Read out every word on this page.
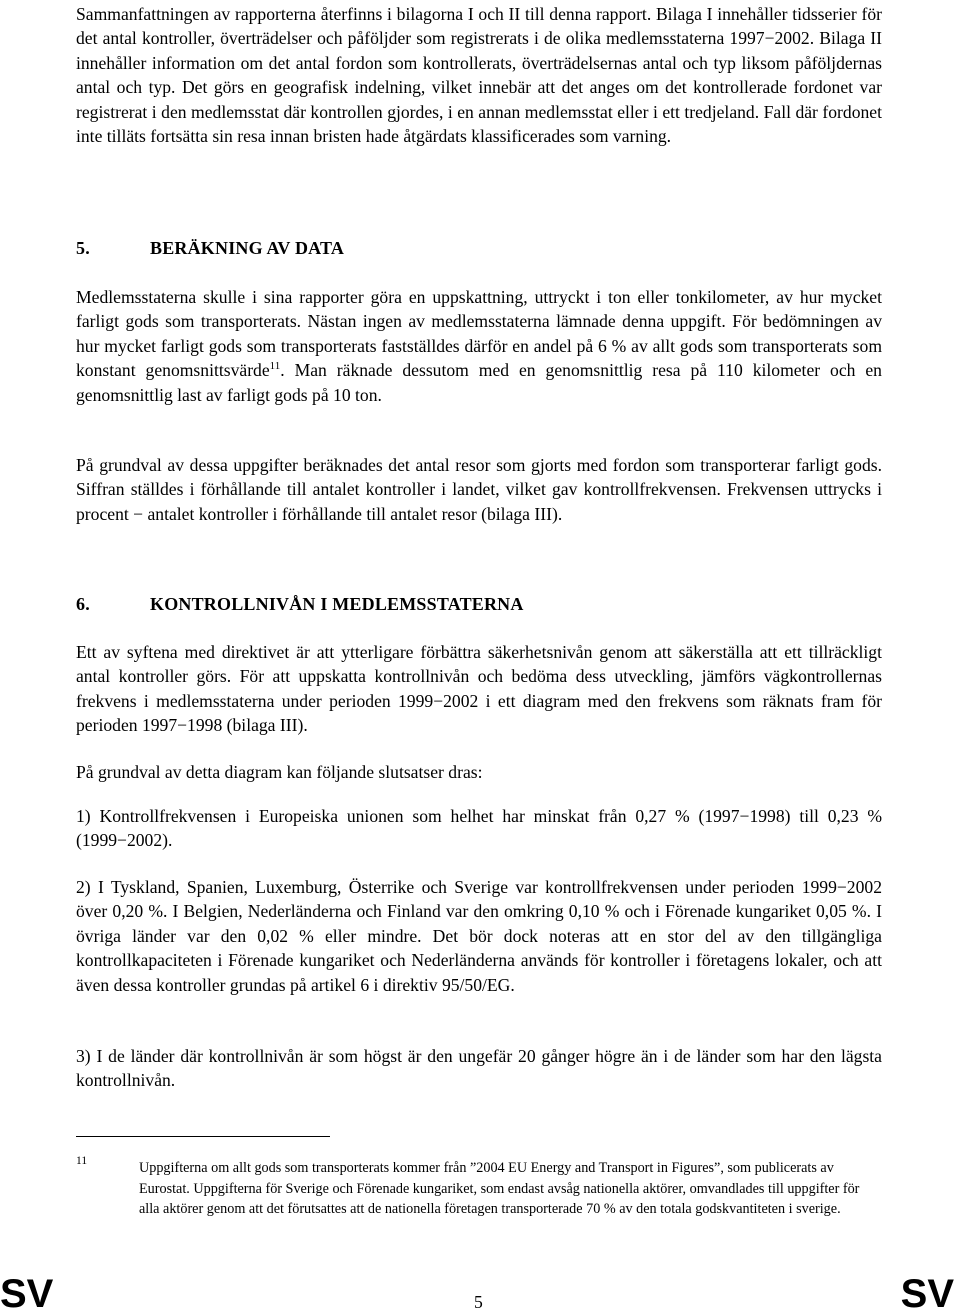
Sammanfattningen av rapporterna återfinns i bilagorna I och II till denna rapport. Bilaga I innehåller tidsserier för det antal kontroller, överträdelser och påföljder som registrerats i de olika medlemsstaterna 1997−2002. Bilaga II innehåller information om det antal fordon som kontrollerats, överträdelsernas antal och typ liksom påföljdernas antal och typ. Det görs en geografisk indelning, vilket innebär att det anges om det kontrollerade fordonet var registrerat i den medlemsstat där kontrollen gjordes, i en annan medlemsstat eller i ett tredjeland. Fall där fordonet inte tilläts fortsätta sin resa innan bristen hade åtgärdats klassificerades som varning.

5.	BERÄKNING AV DATA

Medlemsstaterna skulle i sina rapporter göra en uppskattning, uttryckt i ton eller tonkilometer, av hur mycket farligt gods som transporterats. Nästan ingen av medlemsstaterna lämnade denna uppgift. För bedömningen av hur mycket farligt gods som transporterats fastställdes därför en andel på 6 % av allt gods som transporterats som konstant genomsnittsvärde$^{11}$. Man räknade dessutom med en genomsnittlig resa på 110 kilometer och en genomsnittlig last av farligt gods på 10 ton.

På grundval av dessa uppgifter beräknades det antal resor som gjorts med fordon som transporterar farligt gods. Siffran ställdes i förhållande till antalet kontroller i landet, vilket gav kontrollfrekvensen. Frekvensen uttrycks i procent − antalet kontroller i förhållande till antalet resor (bilaga III).

6.	KONTROLLNIVÅN I MEDLEMSSTATERNA

Ett av syftena med direktivet är att ytterligare förbättra säkerhetsnivån genom att säkerställa att ett tillräckligt antal kontroller görs. För att uppskatta kontrollnivån och bedöma dess utveckling, jämförs vägkontrollernas frekvens i medlemsstaterna under perioden 1999−2002 i ett diagram med den frekvens som räknats fram för perioden 1997−1998 (bilaga III).

På grundval av detta diagram kan följande slutsatser dras:

1) Kontrollfrekvensen i Europeiska unionen som helhet har minskat från 0,27 % (1997−1998) till 0,23 % (1999−2002).

2) I Tyskland, Spanien, Luxemburg, Österrike och Sverige var kontrollfrekvensen under perioden 1999−2002 över 0,20 %. I Belgien, Nederländerna och Finland var den omkring 0,10 % och i Förenade kungariket 0,05 %. I övriga länder var den 0,02 % eller mindre. Det bör dock noteras att en stor del av den tillgängliga kontrollkapaciteten i Förenade kungariket och Nederländerna används för kontroller i företagens lokaler, och att även dessa kontroller grundas på artikel 6 i direktiv 95/50/EG.

3) I de länder där kontrollnivån är som högst är den ungefär 20 gånger högre än i de länder som har den lägsta kontrollnivån.

11	Uppgifterna om allt gods som transporterats kommer från ”2004 EU Energy and Transport in Figures”, som publicerats av Eurostat. Uppgifterna för Sverige och Förenade kungariket, som endast avsåg nationella aktörer, omvandlades till uppgifter för alla aktörer genom att det förutsattes att de nationella företagen transporterade 70 % av den totala godskvantiteten i sverige.

SV	5	SV
